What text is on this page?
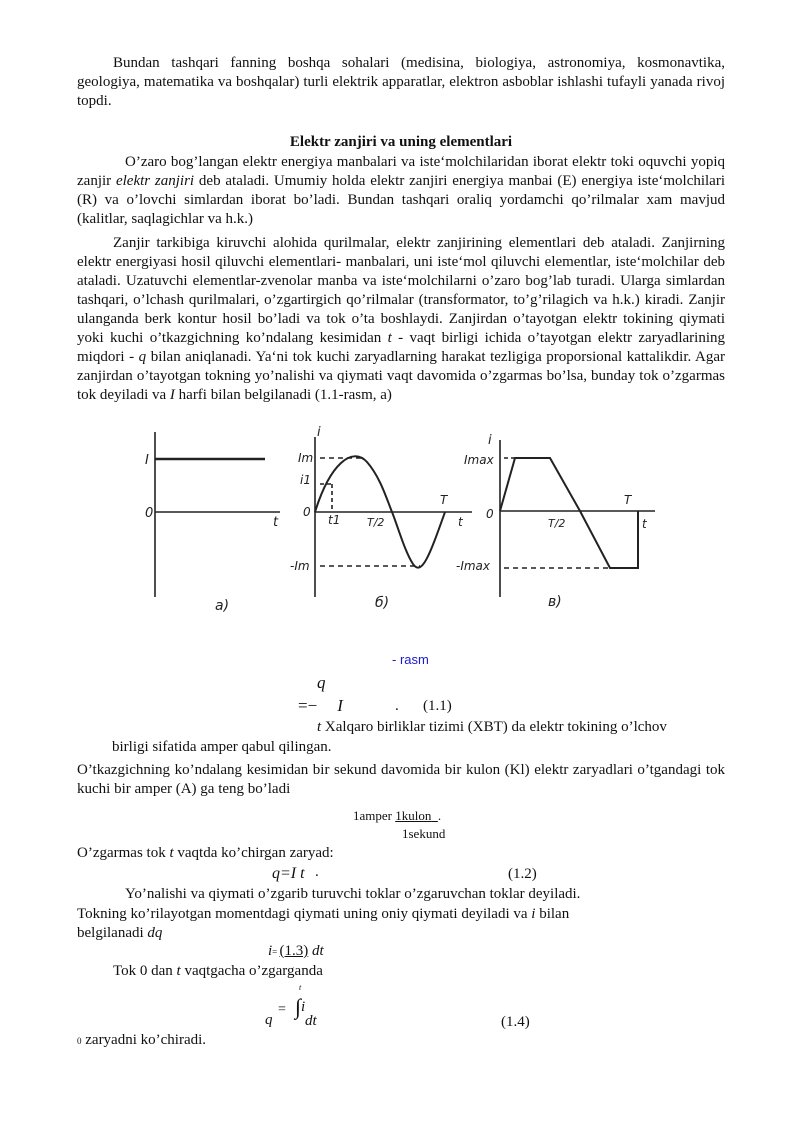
Bundan tashqari fanning boshqa sohalari (medisina, biologiya, astronomiya, kosmonavtika, geologiya, matematika va boshqalar) turli elektrik apparatlar, elektron asboblar ishlashi tufayli yanada rivoj topdi.
Elektr zanjiri va uning elementlari
O’zaro bog’langan elektr energiya manbalari va iste‘molchilaridan iborat elektr toki oquvchi yopiq zanjir elektr zanjiri deb ataladi. Umumiy holda elektr zanjiri energiya manbai (E) energiya iste‘molchilari (R) va o’lovchi simlardan iborat bo’ladi. Bundan tashqari oraliq yordamchi qo’rilmalar xam mavjud (kalitlar, saqlagichlar va h.k.)
Zanjir tarkibiga kiruvchi alohida qurilmalar, elektr zanjirining elementlari deb ataladi. Zanjirning elektr energiyasi hosil qiluvchi elementlari- manbalari, uni iste‘mol qiluvchi elementlar, iste‘molchilar deb ataladi. Uzatuvchi elementlar-zvenolar manba va iste‘molchilarni o’zaro bog’lab turadi. Ularga simlardan tashqari, o’lchash qurilmalari, o’zgartirgich qo’rilmalar (transformator, to’g’rilagich va h.k.) kiradi. Zanjir ulanganda berk kontur hosil bo’ladi va tok o’ta boshlaydi. Zanjirdan o’tayotgan elektr tokining qiymati yoki kuchi o’tkazgichning ko’ndalang kesimidan t - vaqt birligi ichida o’tayotgan elektr zaryadlarining miqdori - q bilan aniqlanadi. Ya‘ni tok kuchi zaryadlarning harakat tezligiga proporsional kattalikdir. Agar zanjirdan o’tayotgan tokning yo’nalishi va qiymati vaqt davomida o’zgarmas bo’lsa, bunday tok o’zgarmas tok deyiladi va I harfi bilan belgilanadi (1.1-rasm, a)
I
0
t
a)
i
Im
i1
0
t1 T/2
T
t
-Im
б)
i
Imax
0
T/2
T
t
-Imax
в)
- rasm
q
=− I	. (1.1)
t Xalqaro birliklar tizimi (XBT) da elektr tokining o’lchov
birligi sifatida amper qabul qilingan.
O’tkazgichning ko’ndalang kesimidan bir sekund davomida bir kulon (Kl) elektr zaryadlari o’tgandagi tok kuchi bir amper (A) ga teng bo’ladi
1amper 1kulon .
1sekund
O’zgarmas tok t vaqtda ko’chirgan zaryad:
q=I t .	(1.2)
Yo’nalishi va qiymati o’zgarib turuvchi toklar o’zgaruvchan toklar deyiladi.
Tokning ko’rilayotgan momentdagi qiymati uning oniy qiymati deyiladi va i bilan
belgilanadi dq
i= (1.3) dt
Tok 0 dan t vaqtgacha o’zgarganda
t
q
= ∫ i
dt	(1.4)
0 zaryadni ko’chiradi.
